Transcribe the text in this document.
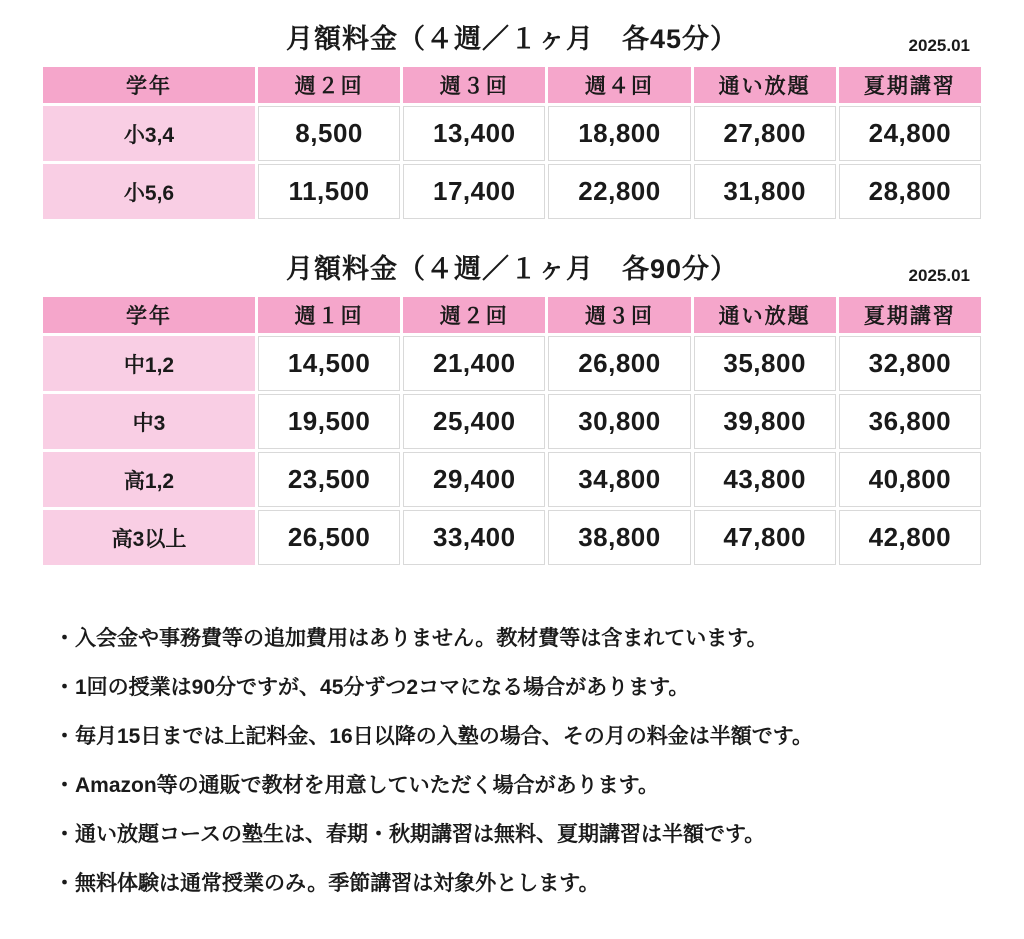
月額料金（４週／１ヶ月　各45分）	2025.01
学年	週２回	週３回	週４回	通い放題	夏期講習
小3,4	8,500	13,400	18,800	27,800	24,800
小5,6	11,500	17,400	22,800	31,800	28,800
月額料金（４週／１ヶ月　各90分）	2025.01
学年	週１回	週２回	週３回	通い放題	夏期講習
中1,2	14,500	21,400	26,800	35,800	32,800
中3	19,500	25,400	30,800	39,800	36,800
高1,2	23,500	29,400	34,800	43,800	40,800
高3以上	26,500	33,400	38,800	47,800	42,800
・ 入会金や事務費等の追加費用はありません。教材費等は含まれています。
・ 1回の授業は90分ですが、45分ずつ2コマになる場合があります。
・ 毎月15日までは上記料金、16日以降の入塾の場合、その月の料金は半額です。
・ Amazon等の通販で教材を用意していただく場合があります。
・ 通い放題コースの塾生は、春期・秋期講習は無料、夏期講習は半額です。
・ 無料体験は通常授業のみ。季節講習は対象外とします。
